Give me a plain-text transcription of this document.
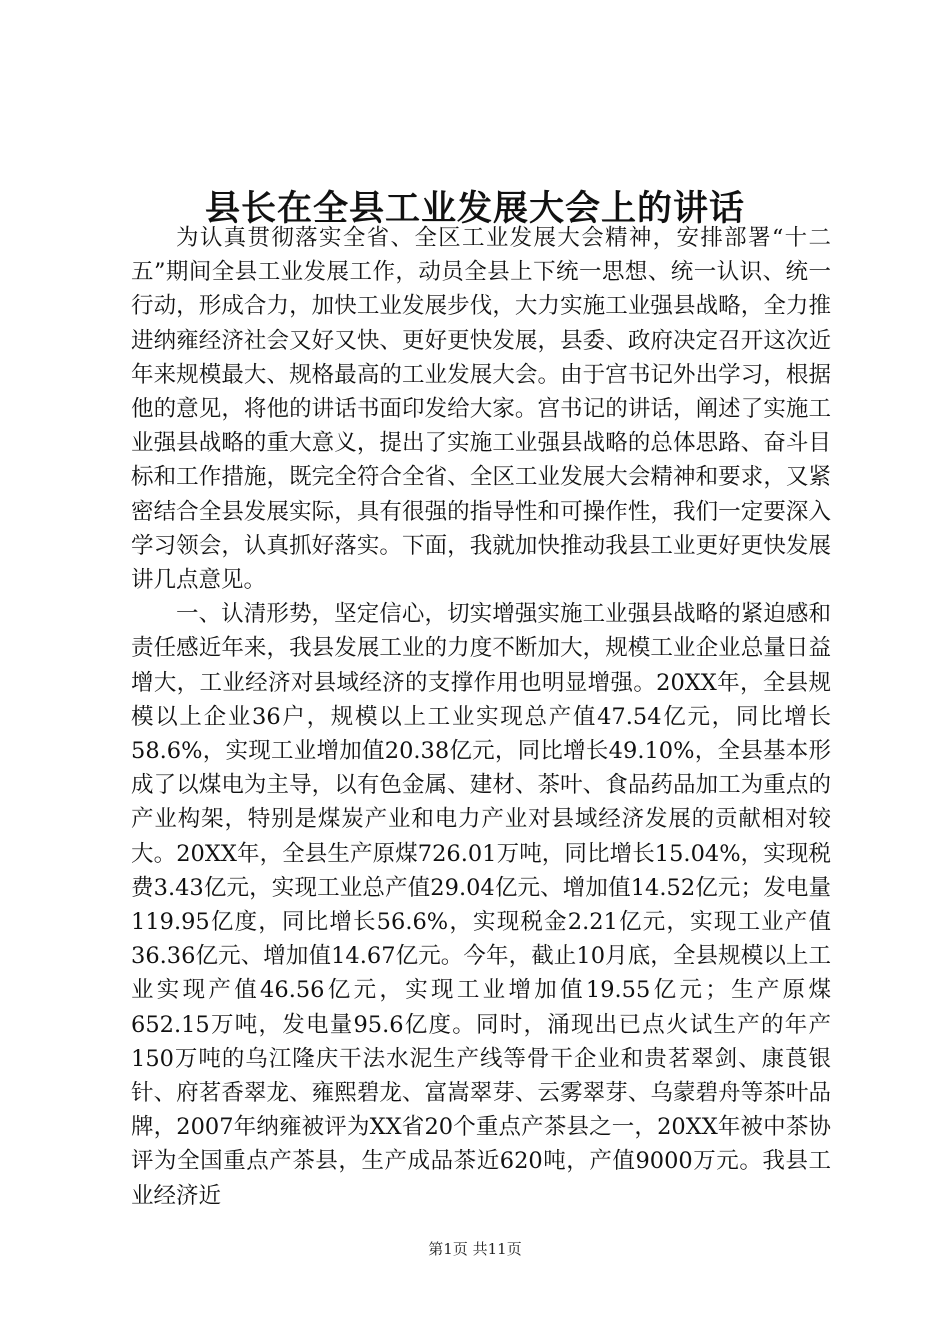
县长在全县工业发展大会上的讲话

为认真贯彻落实全省、全区工业发展大会精神，安排部署“十二五”期间全县工业发展工作，动员全县上下统一思想、统一认识、统一行动，形成合力，加快工业发展步伐，大力实施工业强县战略，全力推进纳雍经济社会又好又快、更好更快发展，县委、政府决定召开这次近年来规模最大、规格最高的工业发展大会。由于宫书记外出学习，根据他的意见，将他的讲话书面印发给大家。宫书记的讲话，阐述了实施工业强县战略的重大意义，提出了实施工业强县战略的总体思路、奋斗目标和工作措施，既完全符合全省、全区工业发展大会精神和要求，又紧密结合全县发展实际，具有很强的指导性和可操作性，我们一定要深入学习领会，认真抓好落实。下面，我就加快推动我县工业更好更快发展讲几点意见。

一、认清形势，坚定信心，切实增强实施工业强县战略的紧迫感和责任感近年来，我县发展工业的力度不断加大，规模工业企业总量日益增大，工业经济对县域经济的支撑作用也明显增强。20XX年，全县规模以上企业36户，规模以上工业实现总产值47.54亿元，同比增长58.6%，实现工业增加值20.38亿元，同比增长49.10%，全县基本形成了以煤电为主导，以有色金属、建材、茶叶、食品药品加工为重点的产业构架，特别是煤炭产业和电力产业对县域经济发展的贡献相对较大。20XX年，全县生产原煤726.01万吨，同比增长15.04%，实现税费3.43亿元，实现工业总产值29.04亿元、增加值14.52亿元；发电量119.95亿度，同比增长56.6%，实现税金2.21亿元，实现工业产值36.36亿元、增加值14.67亿元。今年，截止10月底，全县规模以上工业实现产值46.56亿元，实现工业增加值19.55亿元；生产原煤652.15万吨，发电量95.6亿度。同时，涌现出已点火试生产的年产150万吨的乌江隆庆干法水泥生产线等骨干企业和贵茗翠剑、康莨银针、府茗香翠龙、雍熙碧龙、富嵩翠芽、云雾翠芽、乌蒙碧舟等茶叶品牌，2007年纳雍被评为XX省20个重点产茶县之一，20XX年被中茶协评为全国重点产茶县，生产成品茶近620吨，产值9000万元。我县工业经济近

第1页 共11页
